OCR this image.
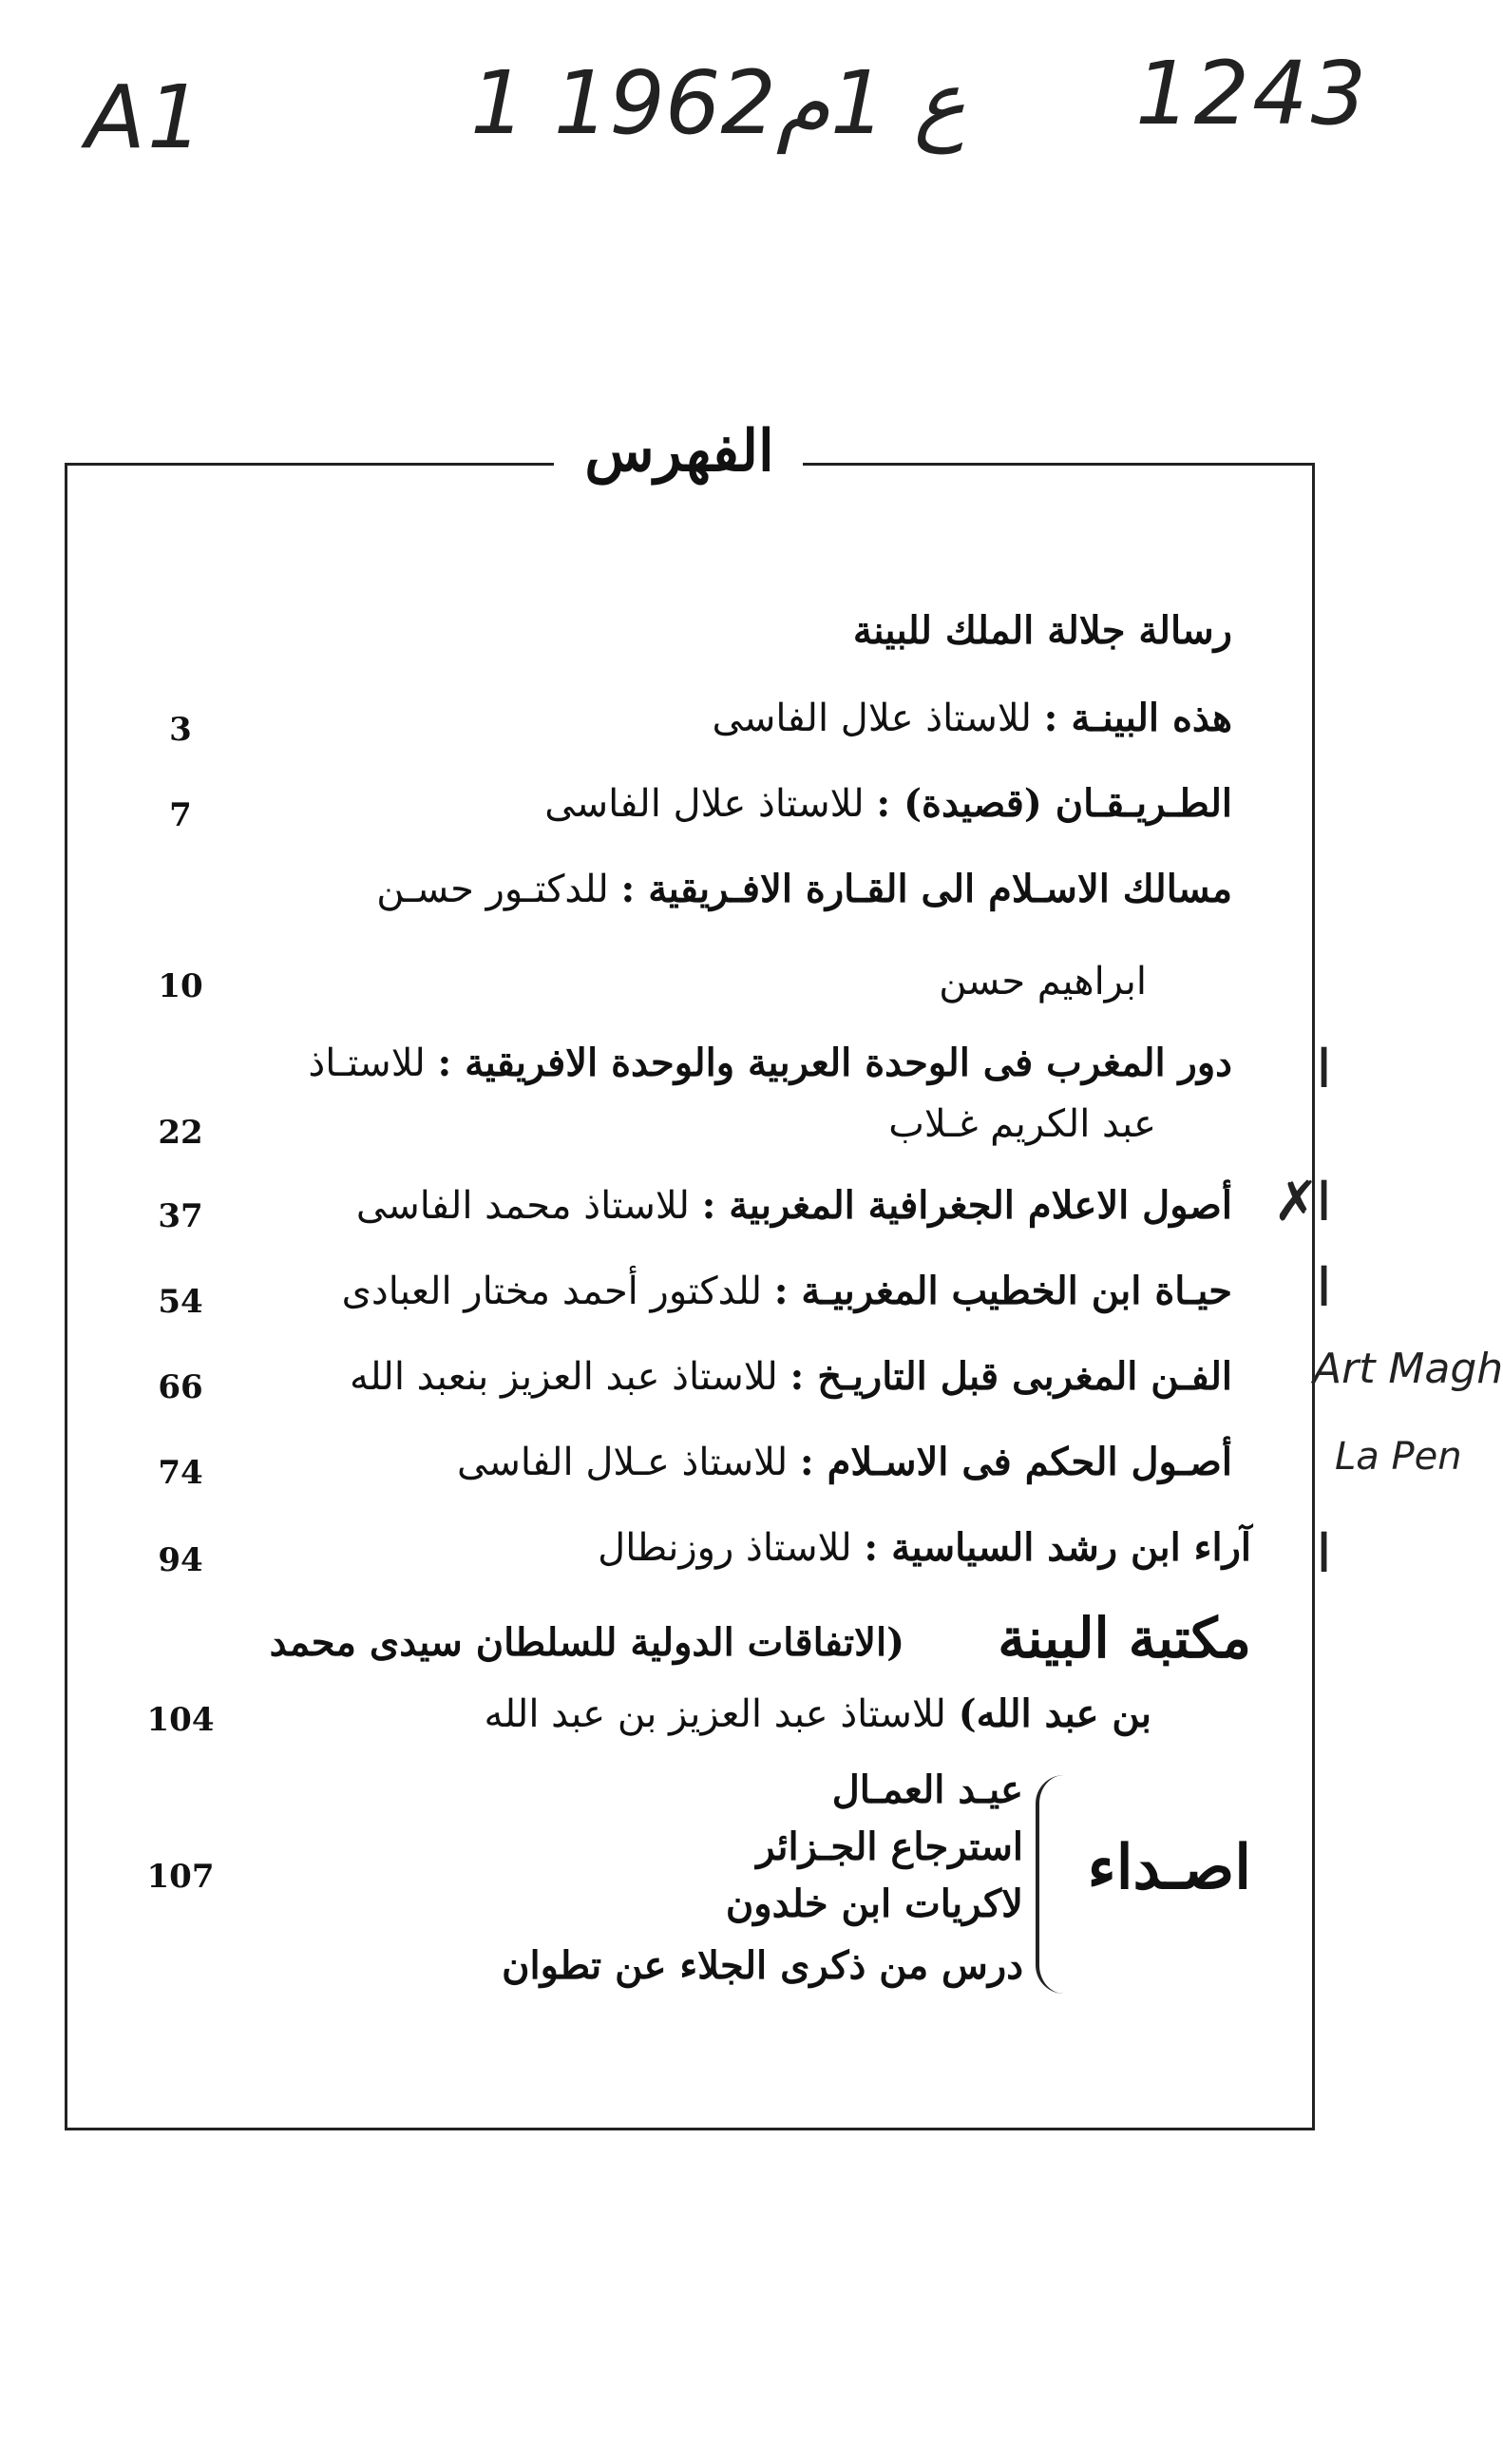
A1	1 ع 1م1962 1243
الفهرس
رسالة جلالة الملك للبينة
هذه البينـة : للاستاذ علال الفاسى
3
الطـريـقـان (قصيدة) : للاستاذ علال الفاسى
7
مسالك الاسـلام الى القـارة الافـريقية : للدكتـور حسـن
ابراهيم حسن
10
دور المغرب فى الوحدة العربية والوحدة الافريقية : للاستـاذ
عبد الكريم غـلاب
22
أصول الاعلام الجغرافية المغربية : للاستاذ محمد الفاسى
37
حيـاة ابن الخطيب المغربيـة : للدكتور أحمد مختار العبادى
54
الفـن المغربى قبل التاريـخ : للاستاذ عبد العزيز بنعبد الله
66
أصـول الحكم فى الاسـلام : للاستاذ عـلال الفاسى
74
آراء ابن رشد السياسية : للاستاذ روزنطال
94
مكتبة البينة
(الاتفاقات الدولية للسلطان سيدى محمد
بن عبد الله) للاستاذ عبد العزيز بن عبد الله
104
اصـداء
عيـد العمـال
استرجاع الجـزائر
لاكريات ابن خلدون
درس من ذكرى الجلاء عن تطوان
107
I
✗
I
I
Art Magh
La Pen
I
